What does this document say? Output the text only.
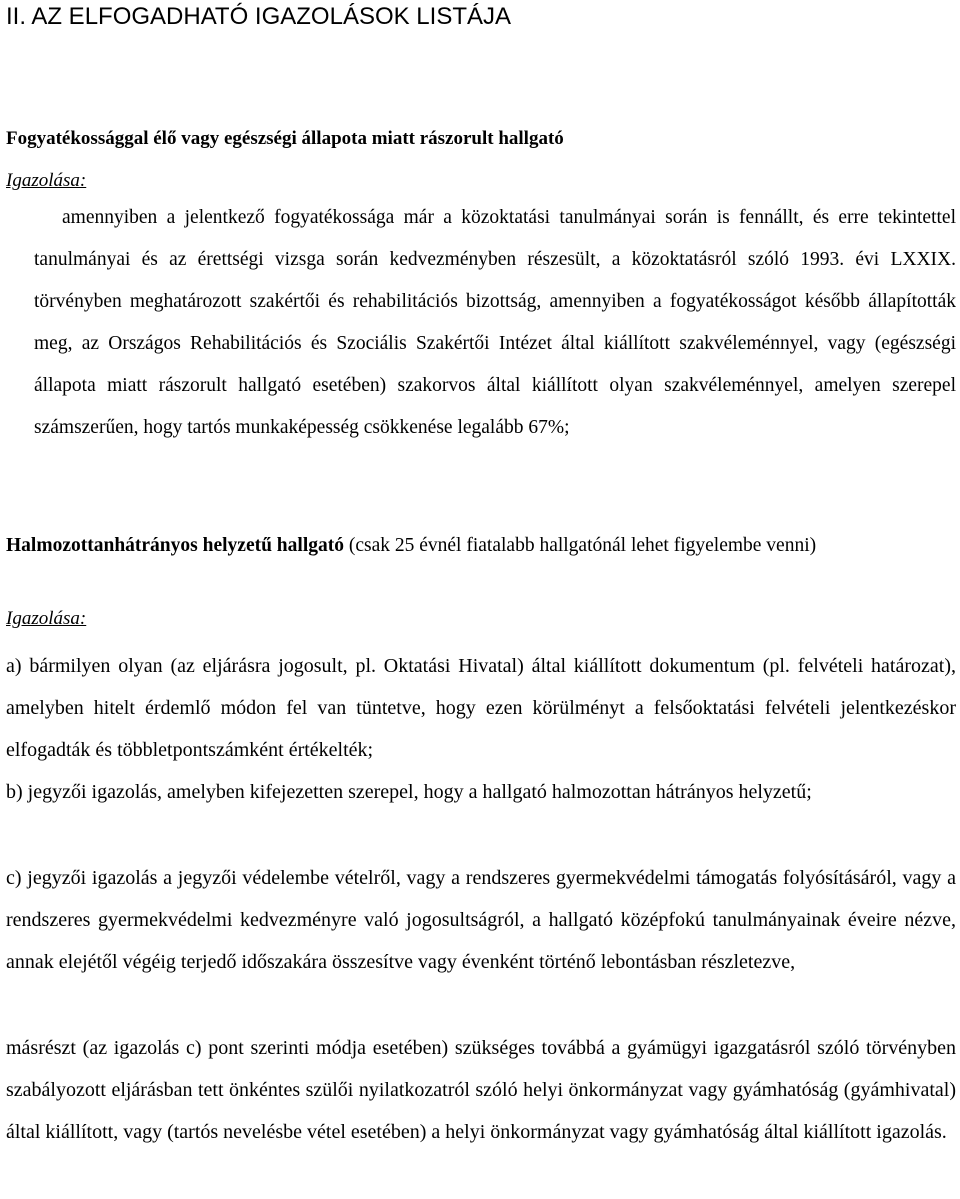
II. AZ ELFOGADHATÓ IGAZOLÁSOK LISTÁJA
Fogyatékossággal élő vagy egészségi állapota miatt rászorult hallgató

Igazolása:

amennyiben a jelentkező fogyatékossága már a közoktatási tanulmányai során is fennállt, és erre tekintettel tanulmányai és az érettségi vizsga során kedvezményben részesült, a közoktatásról szóló 1993. évi LXXIX. törvényben meghatározott szakértői és rehabilitációs bizottság, amennyiben a fogyatékosságot később állapították meg, az Országos Rehabilitációs és Szociális Szakértői Intézet által kiállított szakvéleménnyel, vagy (egészségi állapota miatt rászorult hallgató esetében) szakorvos által kiállított olyan szakvéleménnyel, amelyen szerepel számszerűen, hogy tartós munkaképesség csökkenése legalább 67%;

Halmozottanhátrányos helyzetű hallgató (csak 25 évnél fiatalabb hallgatónál lehet figyelembe venni)

Igazolása:

a) bármilyen olyan (az eljárásra jogosult, pl. Oktatási Hivatal) által kiállított dokumentum (pl. felvételi határozat), amelyben hitelt érdemlő módon fel van tüntetve, hogy ezen körülményt a felsőoktatási felvételi jelentkezéskor elfogadták és többletpontszámként értékelték;

b) jegyzői igazolás, amelyben kifejezetten szerepel, hogy a hallgató halmozottan hátrányos helyzetű;

c) jegyzői igazolás a jegyzői védelembe vételről, vagy a rendszeres gyermekvédelmi támogatás folyósításáról, vagy a rendszeres gyermekvédelmi kedvezményre való jogosultságról, a hallgató középfokú tanulmányainak éveire nézve, annak elejétől végéig terjedő időszakára összesítve vagy évenként történő lebontásban részletezve,

másrészt (az igazolás c) pont szerinti módja esetében) szükséges továbbá a gyámügyi igazgatásról szóló törvényben szabályozott eljárásban tett önkéntes szülői nyilatkozatról szóló helyi önkormányzat vagy gyámhatóság (gyámhivatal) által kiállított, vagy (tartós nevelésbe vétel esetében) a helyi önkormányzat vagy gyámhatóság által kiállított igazolás.
